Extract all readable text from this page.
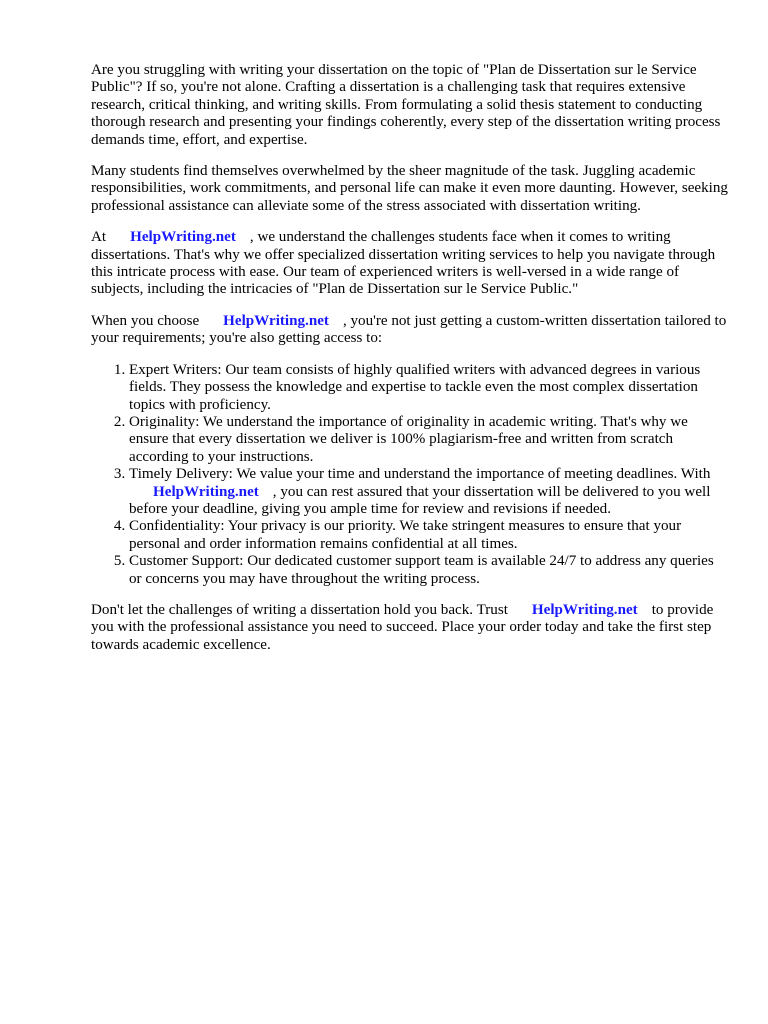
Are you struggling with writing your dissertation on the topic of "Plan de Dissertation sur le Service Public"? If so, you're not alone. Crafting a dissertation is a challenging task that requires extensive research, critical thinking, and writing skills. From formulating a solid thesis statement to conducting thorough research and presenting your findings coherently, every step of the dissertation writing process demands time, effort, and expertise.

Many students find themselves overwhelmed by the sheer magnitude of the task. Juggling academic responsibilities, work commitments, and personal life can make it even more daunting. However, seeking professional assistance can alleviate some of the stress associated with dissertation writing.

At HelpWriting.net , we understand the challenges students face when it comes to writing dissertations. That's why we offer specialized dissertation writing services to help you navigate through this intricate process with ease. Our team of experienced writers is well-versed in a wide range of subjects, including the intricacies of "Plan de Dissertation sur le Service Public."

When you choose HelpWriting.net , you're not just getting a custom-written dissertation tailored to your requirements; you're also getting access to:

1. Expert Writers: Our team consists of highly qualified writers with advanced degrees in various fields. They possess the knowledge and expertise to tackle even the most complex dissertation topics with proficiency.
2. Originality: We understand the importance of originality in academic writing. That's why we ensure that every dissertation we deliver is 100% plagiarism-free and written from scratch according to your instructions.
3. Timely Delivery: We value your time and understand the importance of meeting deadlines. With
HelpWriting.net , you can rest assured that your dissertation will be delivered to you well before your deadline, giving you ample time for review and revisions if needed.
4. Confidentiality: Your privacy is our priority. We take stringent measures to ensure that your personal and order information remains confidential at all times.
5. Customer Support: Our dedicated customer support team is available 24/7 to address any queries or concerns you may have throughout the writing process.

Don't let the challenges of writing a dissertation hold you back. Trust HelpWriting.net to provide you with the professional assistance you need to succeed. Place your order today and take the first step towards academic excellence.
